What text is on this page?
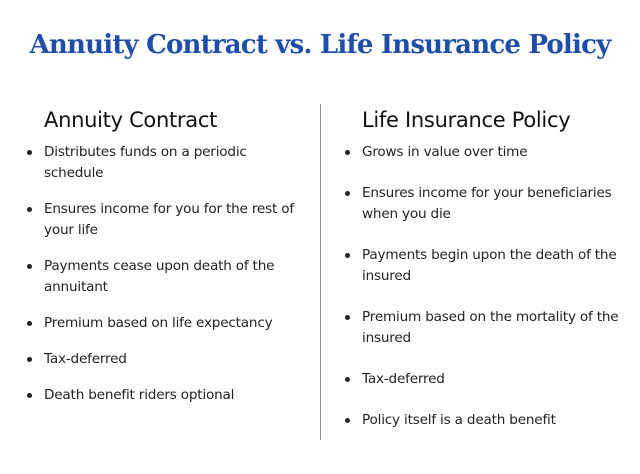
Annuity Contract vs. Life Insurance Policy
Annuity Contract
Distributes funds on a periodic schedule
Ensures income for you for the rest of your life
Payments cease upon death of the annuitant
Premium based on life expectancy
Tax-deferred
Death benefit riders optional
Life Insurance Policy
Grows in value over time
Ensures income for your beneficiaries when you die
Payments begin upon the death of the insured
Premium based on the mortality of the insured
Tax-deferred
Policy itself is a death benefit
